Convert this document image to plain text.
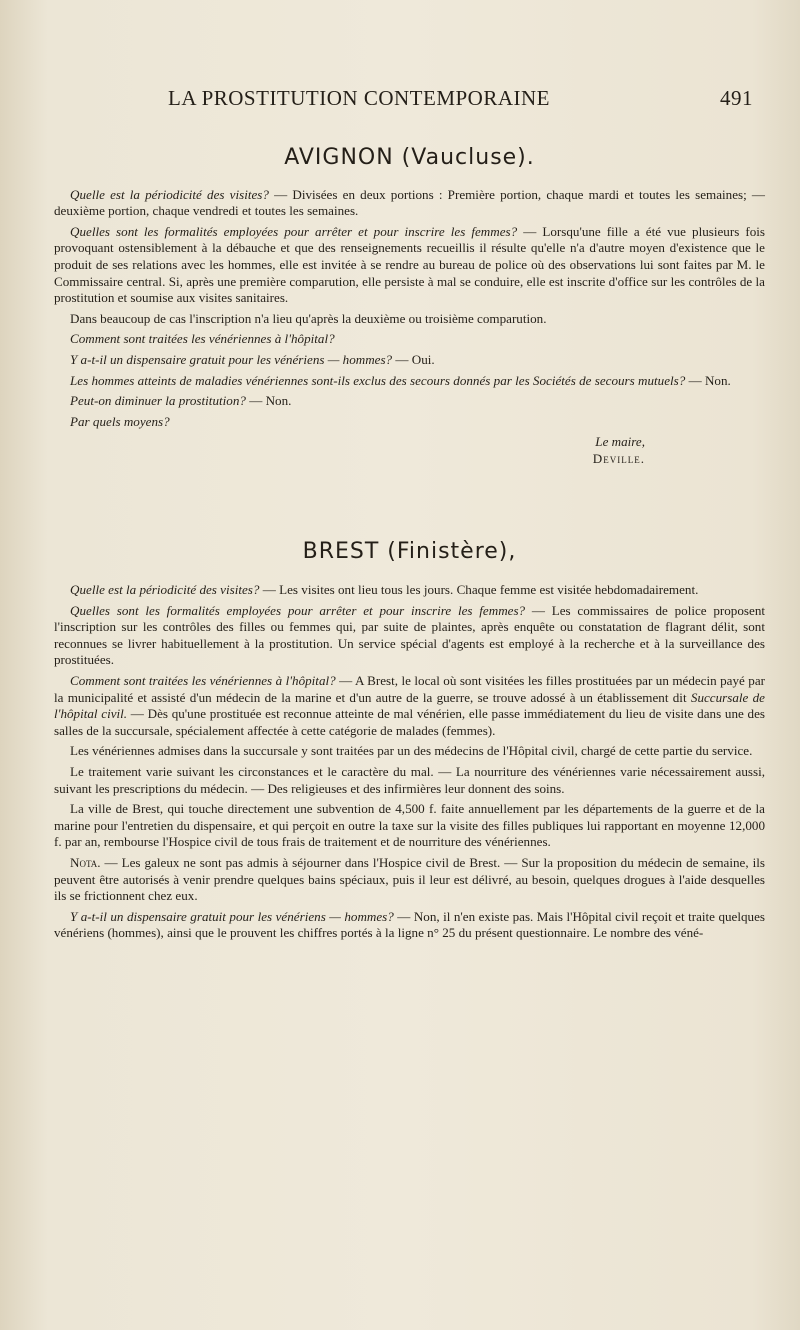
LA PROSTITUTION CONTEMPORAINE	491
AVIGNON (Vaucluse).

Quelle est la périodicité des visites? — Divisées en deux portions : Première portion, chaque mardi et toutes les semaines; — deuxième portion, chaque vendredi et toutes les semaines.

Quelles sont les formalités employées pour arrêter et pour inscrire les femmes? — Lorsqu'une fille a été vue plusieurs fois provoquant ostensiblement à la débauche et que des renseignements recueillis il résulte qu'elle n'a d'autre moyen d'existence que le produit de ses relations avec les hommes, elle est invitée à se rendre au bureau de police où des observations lui sont faites par M. le Commissaire central. Si, après une première comparution, elle persiste à mal se conduire, elle est inscrite d'office sur les contrôles de la prostitution et soumise aux visites sanitaires.

Dans beaucoup de cas l'inscription n'a lieu qu'après la deuxième ou troisième comparution.

Comment sont traitées les vénériennes à l'hôpital?

Y a-t-il un dispensaire gratuit pour les vénériens — hommes? — Oui.

Les hommes atteints de maladies vénériennes sont-ils exclus des secours donnés par les Sociétés de secours mutuels? — Non.

Peut-on diminuer la prostitution? — Non.

Par quels moyens?

Le maire,
Deville.
BREST (Finistère),

Quelle est la périodicité des visites? — Les visites ont lieu tous les jours. Chaque femme est visitée hebdomadairement.

Quelles sont les formalités employées pour arrêter et pour inscrire les femmes? — Les commissaires de police proposent l'inscription sur les contrôles des filles ou femmes qui, par suite de plaintes, après enquête ou constatation de flagrant délit, sont reconnues se livrer habituellement à la prostitution. Un service spécial d'agents est employé à la recherche et à la surveillance des prostituées.

Comment sont traitées les vénériennes à l'hôpital? — A Brest, le local où sont visitées les filles prostituées par un médecin payé par la municipalité et assisté d'un médecin de la marine et d'un autre de la guerre, se trouve adossé à un établissement dit Succursale de l'hôpital civil. — Dès qu'une prostituée est reconnue atteinte de mal vénérien, elle passe immédiatement du lieu de visite dans une des salles de la succursale, spécialement affectée à cette catégorie de malades (femmes).

Les vénériennes admises dans la succursale y sont traitées par un des médecins de l'Hôpital civil, chargé de cette partie du service.

Le traitement varie suivant les circonstances et le caractère du mal. — La nourriture des vénériennes varie nécessairement aussi, suivant les prescriptions du médecin. — Des religieuses et des infirmières leur donnent des soins.

La ville de Brest, qui touche directement une subvention de 4,500 f. faite annuellement par les départements de la guerre et de la marine pour l'entretien du dispensaire, et qui perçoit en outre la taxe sur la visite des filles publiques lui rapportant en moyenne 12,000 f. par an, rembourse l'Hospice civil de tous frais de traitement et de nourriture des vénériennes.

Nota. — Les galeux ne sont pas admis à séjourner dans l'Hospice civil de Brest. — Sur la proposition du médecin de semaine, ils peuvent être autorisés à venir prendre quelques bains spéciaux, puis il leur est délivré, au besoin, quelques drogues à l'aide desquelles ils se frictionnent chez eux.

Y a-t-il un dispensaire gratuit pour les vénériens — hommes? — Non, il n'en existe pas. Mais l'Hôpital civil reçoit et traite quelques vénériens (hommes), ainsi que le prouvent les chiffres portés à la ligne n° 25 du présent questionnaire. Le nombre des véné-
